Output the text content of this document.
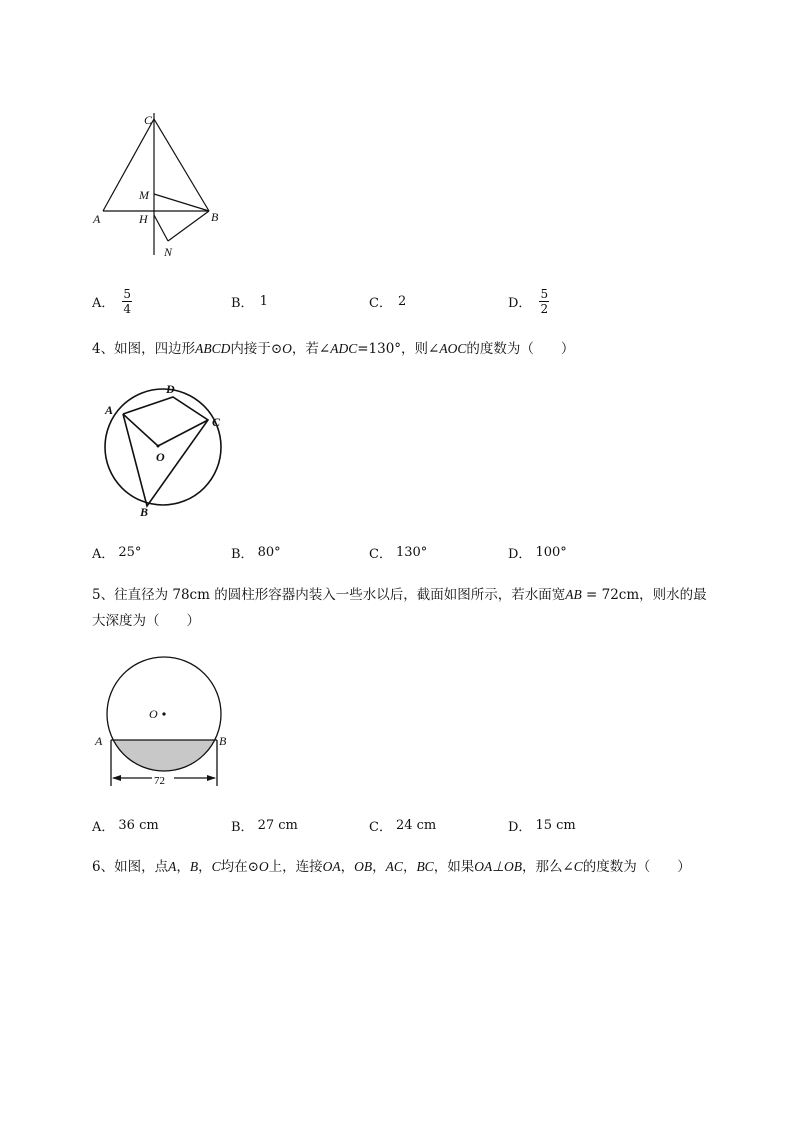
C
M
A	H	B
N
A． $\frac{5}{4}$	B． 1	C． 2	D． $\frac{5}{2}$
4、如图，四边形ABCD内接于⊙O，若∠ADC=130°，则∠AOC的度数为（　　）
A
D
C
O
B
A． 25°	B． 80°	C． 130°	D． 100°
5、往直径为 78cm 的圆柱形容器内装入一些水以后，截面如图所示，若水面宽AB = 72cm，则水的最
大深度为（　　）
O
A	B
72
A． 36 cm	B． 27 cm	C． 24 cm	D． 15 cm
6、如图，点A，B，C均在⊙O上，连接OA，OB，AC，BC，如果OA⊥OB，那么∠C的度数为（　　）
